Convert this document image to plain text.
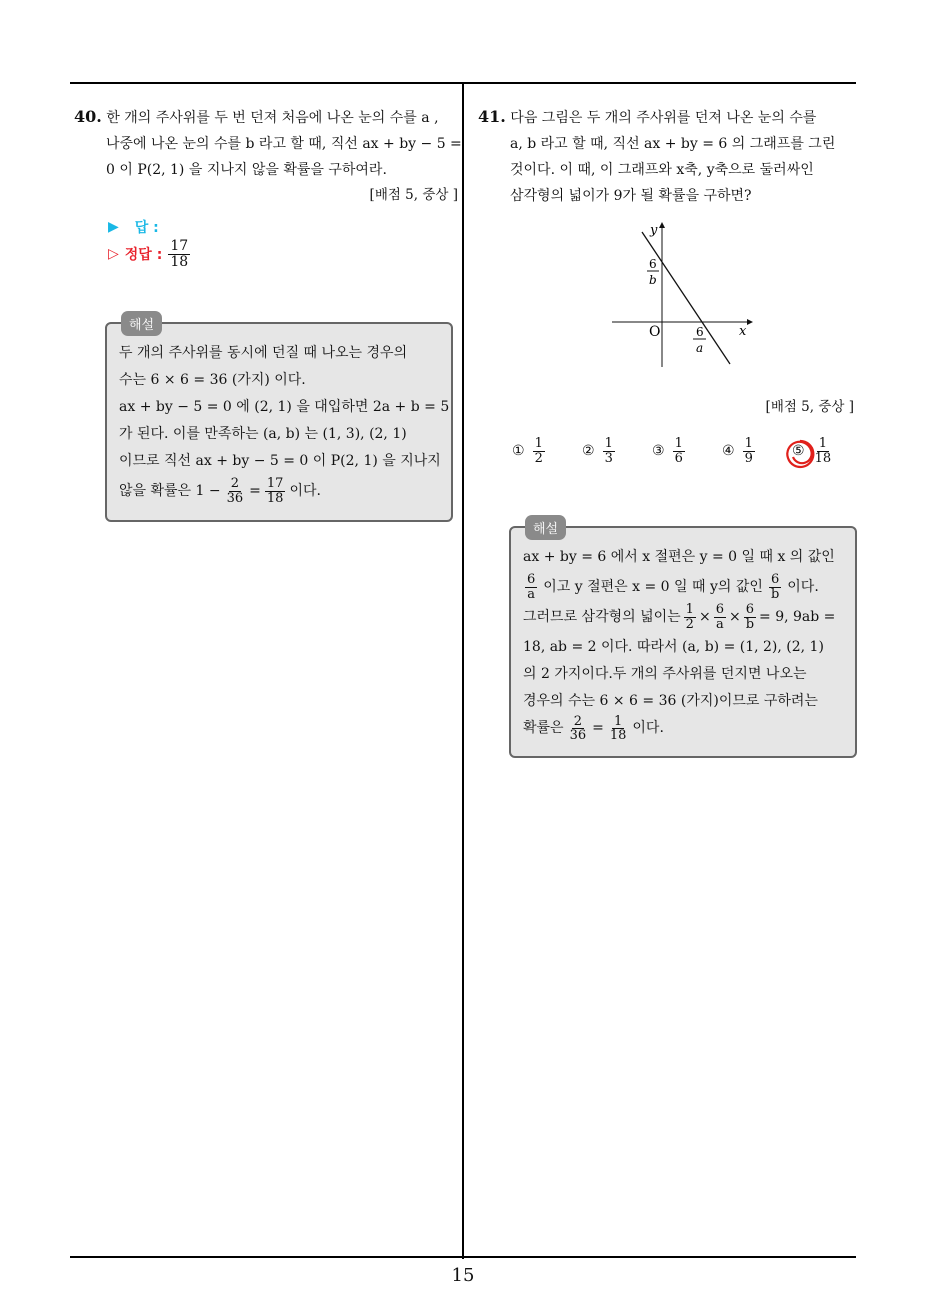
40. 한 개의 주사위를 두 번 던져 처음에 나온 눈의 수를 a ,
나중에 나온 눈의 수를 b 라고 할 때, 직선 ax + by − 5 =
0 이 P(2, 1) 을 지나지 않을 확률을 구하여라.
[배점 5, 중상 ]
▶ 답 :
▷ 정답 : $\frac{17}{18}$
해설
두 개의 주사위를 동시에 던질 때 나오는 경우의
수는 6 × 6 = 36 (가지) 이다.
ax + by − 5 = 0 에 (2, 1) 을 대입하면 2a + b = 5
가 된다. 이를 만족하는 (a, b) 는 (1, 3), (2, 1)
이므로 직선 ax + by − 5 = 0 이 P(2, 1) 을 지나지
않을 확률은 $1 - \frac{2}{36} = \frac{17}{18}$ 이다.
41. 다음 그림은 두 개의 주사위를 던져 나온 눈의 수를
a, b 라고 할 때, 직선 ax + by = 6 의 그래프를 그린
것이다. 이 때, 이 그래프와 x축, y축으로 둘러싸인
삼각형의 넓이가 9가 될 확률을 구하면?
y
x
O
6
b
6
a
[배점 5, 중상 ]
① $\frac{1}{2}$	② $\frac{1}{3}$	③ $\frac{1}{6}$	④ $\frac{1}{9}$	⑤ $\frac{1}{18}$
해설
ax + by = 6 에서 x 절편은 y = 0 일 때 x 의 값인
$\frac{6}{a}$ 이고 y 절편은 x = 0 일 때 y의 값인 $\frac{6}{b}$ 이다.
그러므로 삼각형의 넓이는 $\frac{1}{2} \times \frac{6}{a} \times \frac{6}{b} = 9$, 9ab =
18, ab = 2 이다. 따라서 (a, b) = (1, 2), (2, 1)
의 2 가지이다.두 개의 주사위를 던지면 나오는
경우의 수는 6 × 6 = 36 (가지)이므로 구하려는
확률은 $\frac{2}{36} = \frac{1}{18}$ 이다.
15
